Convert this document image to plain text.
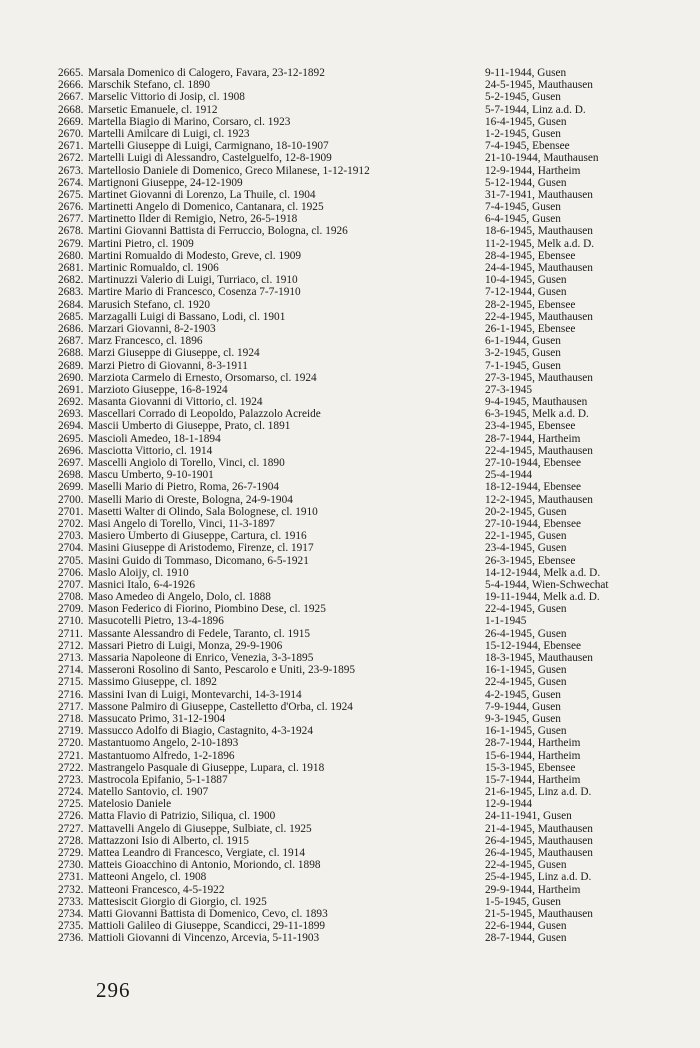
2665. Marsala Domenico di Calogero, Favara, 23-12-1892	9-11-1944, Gusen
2666. Marschik Stefano, cl. 1890	24-5-1945, Mauthausen
2667. Marselic Vittorio di Josip, cl. 1908	5-2-1945, Gusen
2668. Marsetic Emanuele, cl. 1912	5-7-1944, Linz a.d. D.
2669. Martella Biagio di Marino, Corsaro, cl. 1923	16-4-1945, Gusen
2670. Martelli Amilcare di Luigi, cl. 1923	1-2-1945, Gusen
2671. Martelli Giuseppe di Luigi, Carmignano, 18-10-1907	7-4-1945, Ebensee
2672. Martelli Luigi di Alessandro, Castelguelfo, 12-8-1909	21-10-1944, Mauthausen
2673. Martellosio Daniele di Domenico, Greco Milanese, 1-12-1912	12-9-1944, Hartheim
2674. Martignoni Giuseppe, 24-12-1909	5-12-1944, Gusen
2675. Martinet Giovanni di Lorenzo, La Thuile, cl. 1904	31-7-1941, Mauthausen
2676. Martinetti Angelo di Domenico, Cantanara, cl. 1925	7-4-1945, Gusen
2677. Martinetto Ilder di Remigio, Netro, 26-5-1918	6-4-1945, Gusen
2678. Martini Giovanni Battista di Ferruccio, Bologna, cl. 1926	18-6-1945, Mauthausen
2679. Martini Pietro, cl. 1909	11-2-1945, Melk a.d. D.
2680. Martini Romualdo di Modesto, Greve, cl. 1909	28-4-1945, Ebensee
2681. Martinic Romualdo, cl. 1906	24-4-1945, Mauthausen
2682. Martinuzzi Valerio di Luigi, Turriaco, cl. 1910	10-4-1945, Gusen
2683. Martire Mario di Francesco, Cosenza 7-7-1910	7-12-1944, Gusen
2684. Marusich Stefano, cl. 1920	28-2-1945, Ebensee
2685. Marzagalli Luigi di Bassano, Lodi, cl. 1901	22-4-1945, Mauthausen
2686. Marzari Giovanni, 8-2-1903	26-1-1945, Ebensee
2687. Marz Francesco, cl. 1896	6-1-1944, Gusen
2688. Marzi Giuseppe di Giuseppe, cl. 1924	3-2-1945, Gusen
2689. Marzi Pietro di Giovanni, 8-3-1911	7-1-1945, Gusen
2690. Marziota Carmelo di Ernesto, Orsomarso, cl. 1924	27-3-1945, Mauthausen
2691. Marzioto Giuseppe, 16-8-1924	27-3-1945
2692. Masanta Giovanni di Vittorio, cl. 1924	9-4-1945, Mauthausen
2693. Mascellari Corrado di Leopoldo, Palazzolo Acreide	6-3-1945, Melk a.d. D.
2694. Mascii Umberto di Giuseppe, Prato, cl. 1891	23-4-1945, Ebensee
2695. Mascioli Amedeo, 18-1-1894	28-7-1944, Hartheim
2696. Masciotta Vittorio, cl. 1914	22-4-1945, Mauthausen
2697. Mascelli Angiolo di Torello, Vinci, cl. 1890	27-10-1944, Ebensee
2698. Mascu Umberto, 9-10-1901	25-4-1944
2699. Maselli Mario di Pietro, Roma, 26-7-1904	18-12-1944, Ebensee
2700. Maselli Mario di Oreste, Bologna, 24-9-1904	12-2-1945, Mauthausen
2701. Masetti Walter di Olindo, Sala Bolognese, cl. 1910	20-2-1945, Gusen
2702. Masi Angelo di Torello, Vinci, 11-3-1897	27-10-1944, Ebensee
2703. Masiero Umberto di Giuseppe, Cartura, cl. 1916	22-1-1945, Gusen
2704. Masini Giuseppe di Aristodemo, Firenze, cl. 1917	23-4-1945, Gusen
2705. Masini Guido di Tommaso, Dicomano, 6-5-1921	26-3-1945, Ebensee
2706. Maslo Aloijy, cl. 1910	14-12-1944, Melk a.d. D.
2707. Masnici Italo, 6-4-1926	5-4-1944, Wien-Schwechat
2708. Maso Amedeo di Angelo, Dolo, cl. 1888	19-11-1944, Melk a.d. D.
2709. Mason Federico di Fiorino, Piombino Dese, cl. 1925	22-4-1945, Gusen
2710. Masucotelli Pietro, 13-4-1896	1-1-1945
2711. Massante Alessandro di Fedele, Taranto, cl. 1915	26-4-1945, Gusen
2712. Massari Pietro di Luigi, Monza, 29-9-1906	15-12-1944, Ebensee
2713. Massaria Napoleone di Enrico, Venezia, 3-3-1895	18-3-1945, Mauthausen
2714. Masseroni Rosolino di Santo, Pescarolo e Uniti, 23-9-1895	16-1-1945, Gusen
2715. Massimo Giuseppe, cl. 1892	22-4-1945, Gusen
2716. Massini Ivan di Luigi, Montevarchi, 14-3-1914	4-2-1945, Gusen
2717. Massone Palmiro di Giuseppe, Castelletto d'Orba, cl. 1924	7-9-1944, Gusen
2718. Massucato Primo, 31-12-1904	9-3-1945, Gusen
2719. Massucco Adolfo di Biagio, Castagnito, 4-3-1924	16-1-1945, Gusen
2720. Mastantuomo Angelo, 2-10-1893	28-7-1944, Hartheim
2721. Mastantuomo Alfredo, 1-2-1896	15-6-1944, Hartheim
2722. Mastrangelo Pasquale di Giuseppe, Lupara, cl. 1918	15-3-1945, Ebensee
2723. Mastrocola Epifanio, 5-1-1887	15-7-1944, Hartheim
2724. Matello Santovio, cl. 1907	21-6-1945, Linz a.d. D.
2725. Matelosio Daniele	12-9-1944
2726. Matta Flavio di Patrizio, Siliqua, cl. 1900	24-11-1941, Gusen
2727. Mattavelli Angelo di Giuseppe, Sulbiate, cl. 1925	21-4-1945, Mauthausen
2728. Mattazzoni Isio di Alberto, cl. 1915	26-4-1945, Mauthausen
2729. Mattea Leandro di Francesco, Vergiate, cl. 1914	26-4-1945, Mauthausen
2730. Matteis Gioacchino di Antonio, Moriondo, cl. 1898	22-4-1945, Gusen
2731. Matteoni Angelo, cl. 1908	25-4-1945, Linz a.d. D.
2732. Matteoni Francesco, 4-5-1922	29-9-1944, Hartheim
2733. Mattesiscit Giorgio di Giorgio, cl. 1925	1-5-1945, Gusen
2734. Matti Giovanni Battista di Domenico, Cevo, cl. 1893	21-5-1945, Mauthausen
2735. Mattioli Galileo di Giuseppe, Scandicci, 29-11-1899	22-6-1944, Gusen
2736. Mattioli Giovanni di Vincenzo, Arcevia, 5-11-1903	28-7-1944, Gusen
296
